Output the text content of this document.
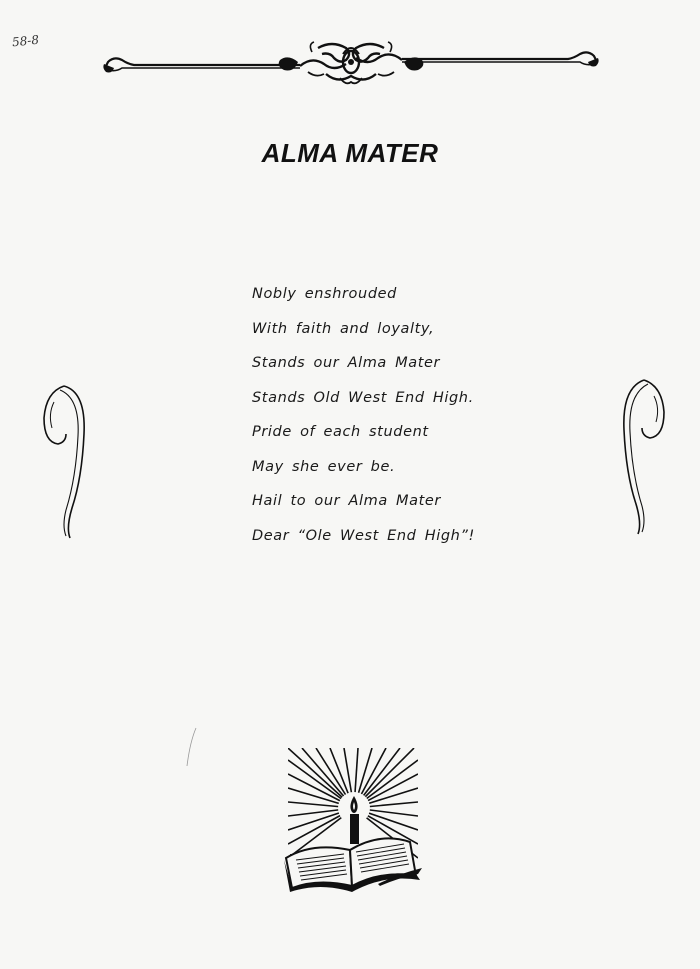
58-8
ALMA MATER
Nobly enshrouded
With faith and loyalty,
Stands our Alma Mater
Stands Old West End High.
Pride of each student
May she ever be.
Hail to our Alma Mater
Dear “Ole West End High”!
